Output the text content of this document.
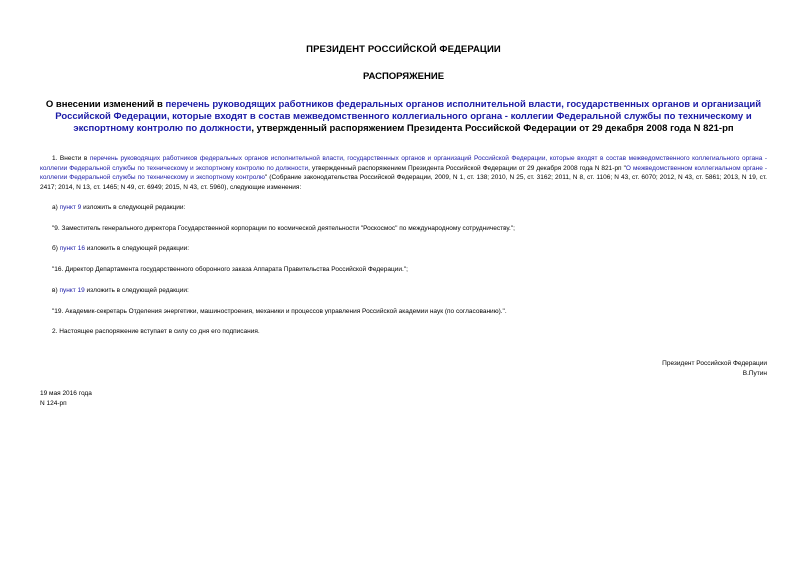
ПРЕЗИДЕНТ РОССИЙСКОЙ ФЕДЕРАЦИИ
РАСПОРЯЖЕНИЕ
О внесении изменений в перечень руководящих работников федеральных органов исполнительной власти, государственных органов и организаций Российской Федерации, которые входят в состав межведомственного коллегиального органа - коллегии Федеральной службы по техническому и экспортному контролю по должности, утвержденный распоряжением Президента Российской Федерации от 29 декабря 2008 года N 821-рп
1. Внести в перечень руководящих работников федеральных органов исполнительной власти, государственных органов и организаций Российской Федерации, которые входят в состав межведомственного коллегиального органа - коллегии Федеральной службы по техническому и экспортному контролю по должности, утвержденный распоряжением Президента Российской Федерации от 29 декабря 2008 года N 821-рп "О межведомственном коллегиальном органе - коллегии Федеральной службы по техническому и экспортному контролю" (Собрание законодательства Российской Федерации, 2009, N 1, ст. 138; 2010, N 25, ст. 3162; 2011, N 8, ст. 1106; N 43, ст. 6070; 2012, N 43, ст. 5861; 2013, N 19, ст. 2417; 2014, N 13, ст. 1465; N 49, ст. 6949; 2015, N 43, ст. 5960), следующие изменения:
а) пункт 9 изложить в следующей редакции:
"9. Заместитель генерального директора Государственной корпорации по космической деятельности "Роскосмос" по международному сотрудничеству.";
б) пункт 16 изложить в следующей редакции:
"16. Директор Департамента государственного оборонного заказа Аппарата Правительства Российской Федерации.";
в) пункт 19 изложить в следующей редакции:
"19. Академик-секретарь Отделения энергетики, машиностроения, механики и процессов управления Российской академии наук (по согласованию).".
2. Настоящее распоряжение вступает в силу со дня его подписания.
Президент Российской Федерации
В.Путин
19 мая 2016 года
N 124-рп
